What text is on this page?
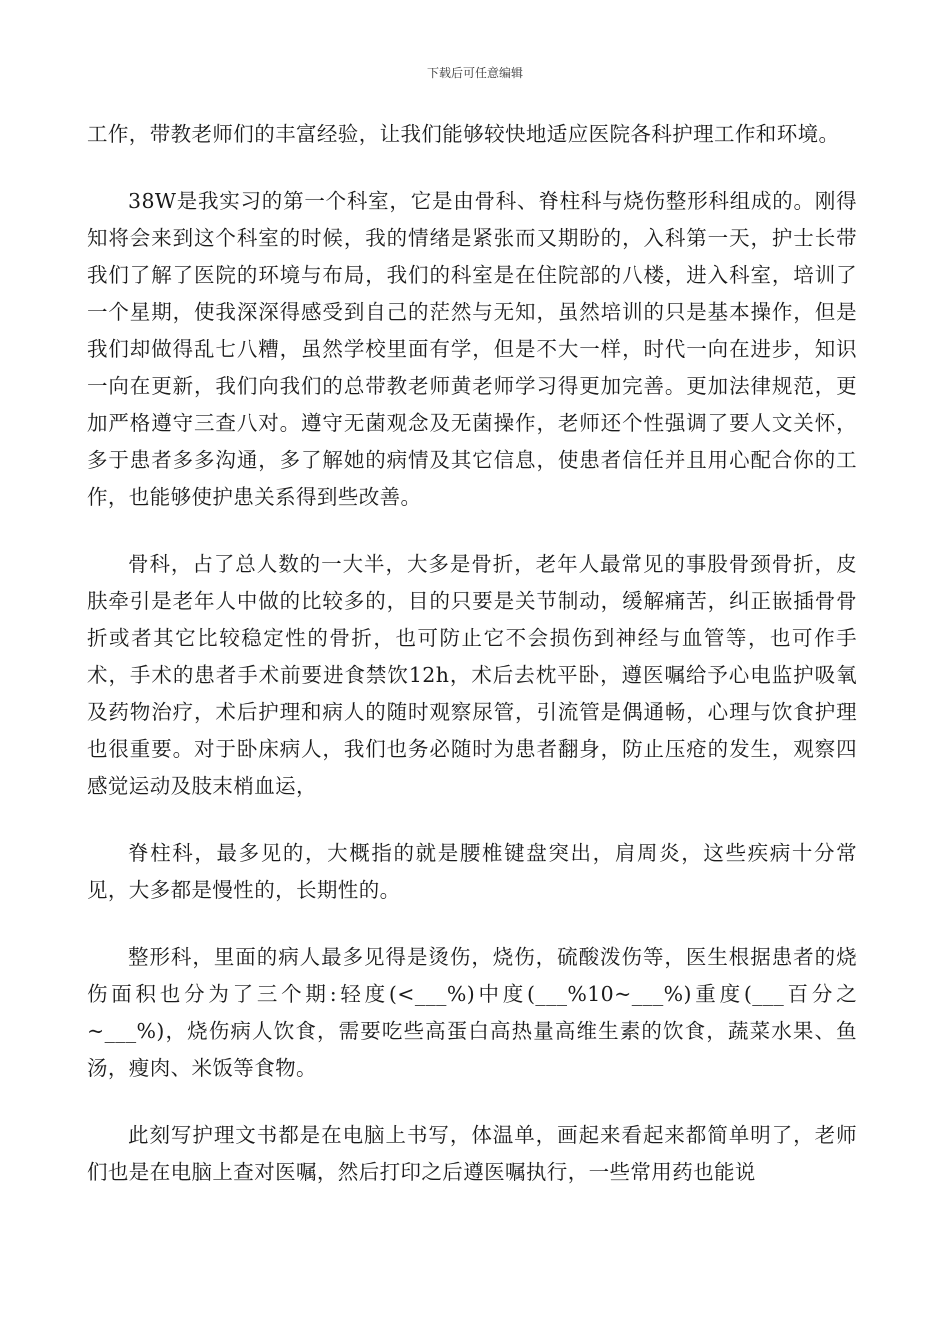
下载后可任意编辑

工作，带教老师们的丰富经验，让我们能够较快地适应医院各科护理工作和环境。

38W是我实习的第一个科室，它是由骨科、脊柱科与烧伤整形科组成的。刚得知将会来到这个科室的时候，我的情绪是紧张而又期盼的，入科第一天，护士长带我们了解了医院的环境与布局，我们的科室是在住院部的八楼，进入科室，培训了一个星期，使我深深得感受到自己的茫然与无知，虽然培训的只是基本操作，但是我们却做得乱七八糟，虽然学校里面有学，但是不大一样，时代一向在进步，知识一向在更新，我们向我们的总带教老师黄老师学习得更加完善。更加法律规范，更加严格遵守三查八对。遵守无菌观念及无菌操作，老师还个性强调了要人文关怀，多于患者多多沟通，多了解她的病情及其它信息，使患者信任并且用心配合你的工作，也能够使护患关系得到些改善。

骨科，占了总人数的一大半，大多是骨折，老年人最常见的事股骨颈骨折，皮肤牵引是老年人中做的比较多的，目的只要是关节制动，缓解痛苦，纠正嵌插骨骨折或者其它比较稳定性的骨折，也可防止它不会损伤到神经与血管等，也可作手术，手术的患者手术前要进食禁饮12h，术后去枕平卧，遵医嘱给予心电监护吸氧及药物治疗，术后护理和病人的随时观察尿管，引流管是偶通畅，心理与饮食护理也很重要。对于卧床病人，我们也务必随时为患者翻身，防止压疮的发生，观察四感觉运动及肢末梢血运，

脊柱科，最多见的，大概指的就是腰椎键盘突出，肩周炎，这些疾病十分常见，大多都是慢性的，长期性的。

整形科，里面的病人最多见得是烫伤，烧伤，硫酸泼伤等，医生根据患者的烧伤面积也分为了三个期:轻度(<___%)中度(___%10~___%)重度(___百分之~___%)，烧伤病人饮食，需要吃些高蛋白高热量高维生素的饮食，蔬菜水果、鱼汤，瘦肉、米饭等食物。

此刻写护理文书都是在电脑上书写，体温单，画起来看起来都简单明了，老师们也是在电脑上查对医嘱，然后打印之后遵医嘱执行，一些常用药也能说
